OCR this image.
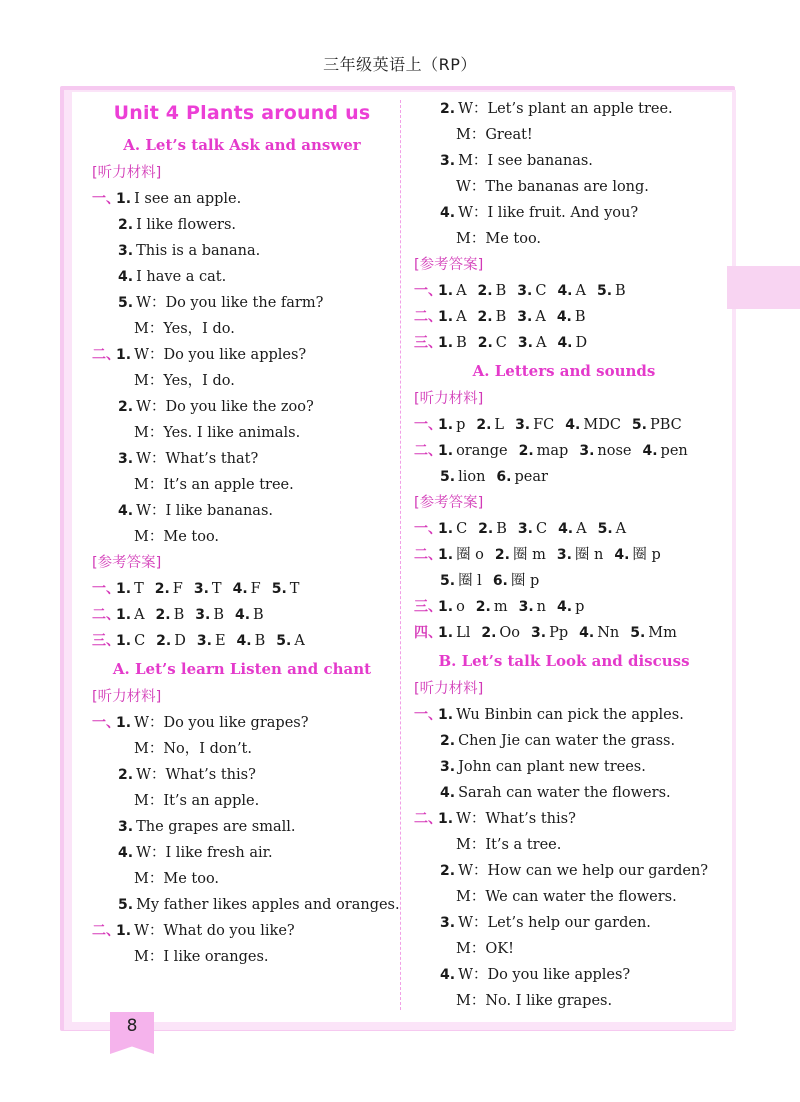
三年级英语上（RP）
8
Unit 4 Plants around us
A. Let’s talk Ask and answer
[听力材料]
一、1. I see an apple.
2. I like flowers.
3. This is a banana.
4. I have a cat.
5. W：Do you like the farm?
M：Yes，I do.
二、1. W：Do you like apples?
M：Yes，I do.
2. W：Do you like the zoo?
M：Yes. I like animals.
3. W：What’s that?
M：It’s an apple tree.
4. W：I like bananas.
M：Me too.
[参考答案]
一、1. T 2. F 3. T 4. F 5. T
二、1. A 2. B 3. B 4. B
三、1. C 2. D 3. E 4. B 5. A
A. Let’s learn Listen and chant
[听力材料]
一、1. W：Do you like grapes?
M：No，I don’t.
2. W：What’s this?
M：It’s an apple.
3. The grapes are small.
4. W：I like fresh air.
M：Me too.
5. My father likes apples and oranges.
二、1. W：What do you like?
M：I like oranges.
2. W：Let’s plant an apple tree.
M：Great!
3. M：I see bananas.
W：The bananas are long.
4. W：I like fruit. And you?
M：Me too.
[参考答案]
一、1. A 2. B 3. C 4. A 5. B
二、1. A 2. B 3. A 4. B
三、1. B 2. C 3. A 4. D
A. Letters and sounds
[听力材料]
一、1. p 2. L 3. FC 4. MDC 5. PBC
二、1. orange 2. map 3. nose 4. pen
5. lion 6. pear
[参考答案]
一、1. C 2. B 3. C 4. A 5. A
二、1. 圈 o 2. 圈 m 3. 圈 n 4. 圈 p
5. 圈 l 6. 圈 p
三、1. o 2. m 3. n 4. p
四、1. Ll 2. Oo 3. Pp 4. Nn 5. Mm
B. Let’s talk Look and discuss
[听力材料]
一、1. Wu Binbin can pick the apples.
2. Chen Jie can water the grass.
3. John can plant new trees.
4. Sarah can water the flowers.
二、1. W：What’s this?
M：It’s a tree.
2. W：How can we help our garden?
M：We can water the flowers.
3. W：Let’s help our garden.
M：OK!
4. W：Do you like apples?
M：No. I like grapes.
